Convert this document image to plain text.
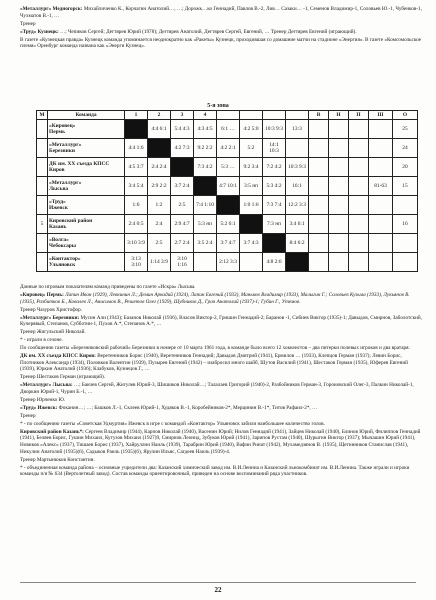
«Металлург» Медногорск: Михайличенко К., Корчагин Анатолий…, …; Дорожк…ко Геннадий, Павлов В.-2, Лив… Сазаки… -1, Семенов Владимир-1, Соловьев Ю.-1, Чубенков-1, Чухматов В.-1, …

Тренер

«Труд» Кузнецк: …; Чепиков Сергей; Дегтярев Юрий (1978); Дегтярев Анатолий, Дегтярев Сергей, Евгений, … Тренер Дегтярев Евгений (играющий).

В газете «Кузнецкая правда» Кузнецк команда упоминается неоднократно как «Ракеты» Кузнецк, проходившая со домашние матчи на стадионе «Энергия». В газете «Комсомольское племя» Оренбург команда названа как «Энерги Кузнец».

5-я зона
М	Команда	1	2	3	4					В	Н	П	Ш	О
	«Кировец»
Пермь		4:4 6:1	5:4 4:3	4:3 4:5	6:1 …	4:2 5:0	10:3 9:3	13:3					25
	«Металлург»
Березники	4:4 1:6		4:2 7:3	9:2 2:2	4:2 2:1	5:2	14:1 10:3						24
	ДК им. XX съезда КПСС
Киров	4:5 3:7	2:4 2:4		7:3 4:2	5:3 …	9:2 3:4	7:2 4:2	10:3 9:3					20
	«Металлург»
Лысьва	3:4 5:4	2:9 2:2	3:7 2:4		4:7 10:1	3:5 нп	5:3 4:2	16:1				81-63	15
	«Труд»
Ижевск	1:6	1:2	2:5	7:4 1:10		1:0 1:6	7:3 7:4	12:2 3:3					
5	Кировский район
Казань	2:4 0:5	2:4	2:9 4:7	5:3 нп	5:2 6:1		7:3 нп	3:4 6:1					16
	«Волга»
Чебоксары	3:10 3:9	2:5	2:7 2:4	3:5 2:4	3:7 4:7	3:7 4:3		8:4 6:2					
	«Контактор»
Ульяновск	3:13 3:10	1:14 3:9	3:10 1:16		2:12 3:3		4:8 2:6						

Данные по игровым показателям команд приведены по газете «Искра» Лысьва.

«Кировец» Пермь: Лапин Иван (1929), Левкинин Л.; Демин Аркадий (1924), Лапин Евгений (1933), Маньков Владимир (1933), Малыгин Г.; Соловьев Кузьма (1933), Лукьянов В. (1935), Разбитков Б., Ковалев Л., Анисимов В., Решетов Олег (1929), Шубников Д., Грач Анатолий (1937)-1; Губин Г., Утемов.

Тренер Чазуров Христофор.

«Металлург» Березники: Мусин Али (1943); Базанов Николай (1936), Власов Виктор-2, Гришин Геннадий-2; Баранов -1, Сибиев Виктор (1935)-1; Давыдов, Смирнов, Заболотский, Кучерявый, Степанов, Субботин-1, Пухов А.*, Степанов А.*, …

Тренер Жигульский Николай.

* - играли в сезоне.

По сообщению газеты «Березниковский рабочий» Березники в номере от 10 марта 1961 года, в команде было всего 12 хоккеистов – два питерки полевых игроков и два вратаря.

ДК им. XX съезда КПСС Киров: Веретенников Борис (1940), Веретенников Геннадий; Давыдов Дмитрий (1941), Ермилов … (1933), Клепцов Герман (1937); Левин Борис, Плотников Александр (1934), Половков Валентин (1939), Пузырев Евгений (1942) – изабросил много шайб, Шутов Василий (1941), Шестаков Герман (1935), Юферев Евгений (1939), Юркин Анатолий (1936); Клабуков, Кузнецов Г., …

Тренер Шестаков Герман (играющий).

«Металлург» Лысьва: …; Бакчев Сергей, Жигулев Юрий-3, Шишиков Николай…; Талалаев Григорий (1940)-2, Разбойников Герман-3, Гороновский Олег-3, Палкин Николай-1, Дворкин Юрий-1, Чурин Б.-1, …

Тренер Юрченко Ю.

«Труд» Ижевск: Фоканин…; …; Башков Л.-1, Склеев Юрий-1, Худяков В.-1, Коробейников-2*, Мерцинин В.-1*, Титов Рафаил-2*, …

Тренер

* - по сообщению газеты «Советская Удмуртия» Ижевск в игре с командой «Контактор» Ульяновск забили наибольшее количество голов.

Кировский район Казань*: Сергеев Владимир (1944), Карпов Николай (1940), Васенин Юрий; Нилов Геннадий (1941), Зайцев Николай (1940), Блинов Юрий, Филиппов Геннадий (1941), Беляев Борис, Гушин Михаил, Кутузов Михаил (1927)9, Смирнов Леонид, Зубуков Юрий (1941), Зарипов Рустам (1940), Шурыгин Виктор (1937); Мычашин Юрий (1941), Новиков «Алекс» (1937), Тишаев Борис (1937), Хайруллин Наиль (1939), Тарабрин Юрий (1940), Вафин Ринат (1942), Мухамедзянов В. (1935), Щетинников Станислав (1941), Никулин Анатолий (1935)(6), Садыков Раиль (1935)(6), Ярулин Ильяс, Сагдеев Наиль (1939)-4.

Тренер Мартынюков Константин.

* - объединенная команда района – основные учредители два: Казанский химический завод им. В.И.Ленина и Казанский льнокомбинат им. В.И.Ленина. Также играли и игроки команды п/я № 634 (Вертолетный завод). Состав команды ориентировочный, приведен на основе воспоминаний ряда участников.

22
